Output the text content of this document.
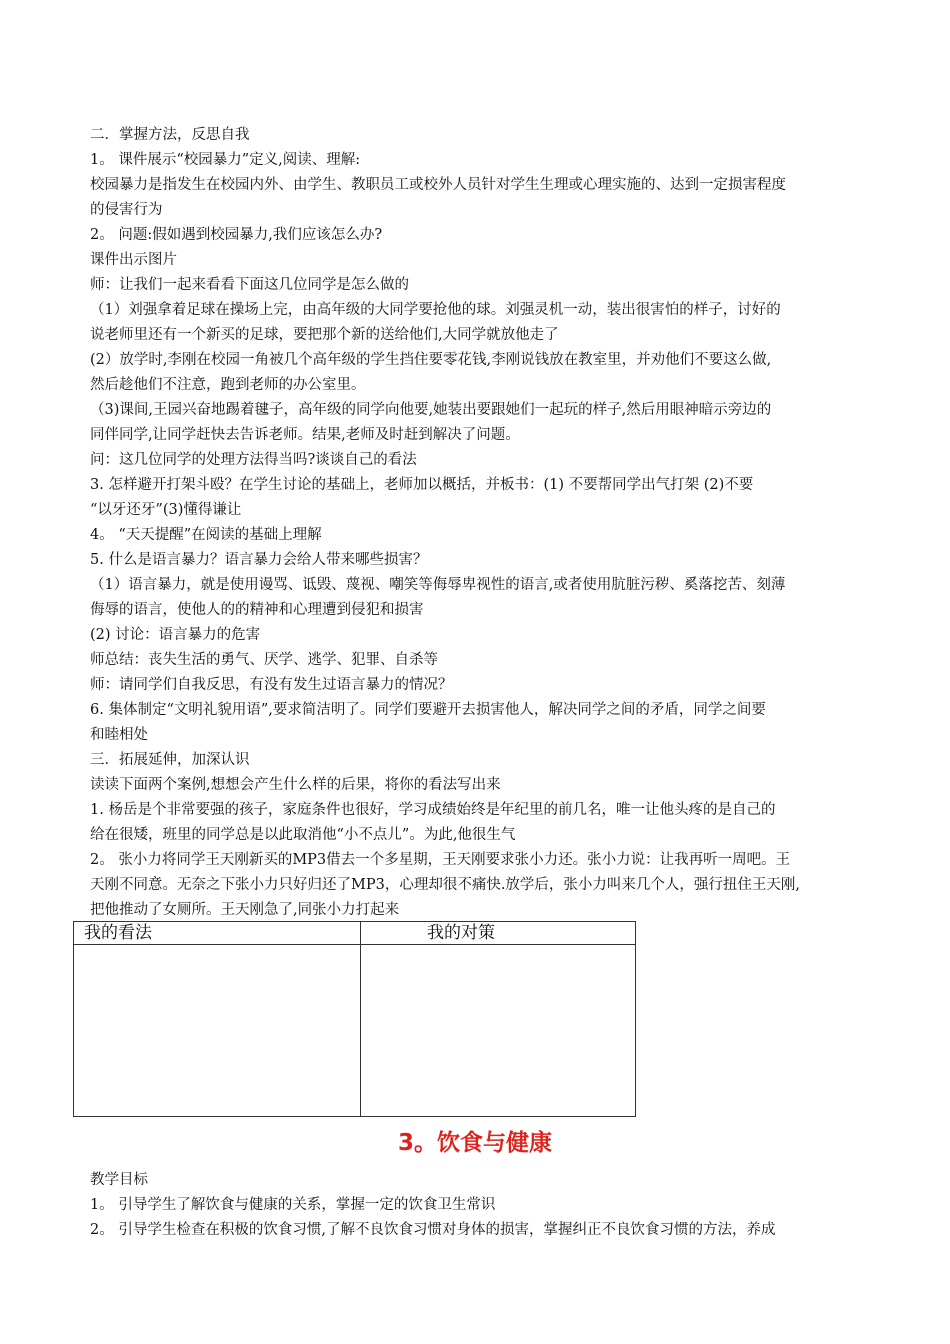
二．掌握方法，反思自我
1。 课件展示“校园暴力”定义,阅读、理解:
校园暴力是指发生在校园内外、由学生、教职员工或校外人员针对学生生理或心理实施的、达到一定损害程度
的侵害行为
2。 问题:假如遇到校园暴力,我们应该怎么办?
课件出示图片
师：让我们一起来看看下面这几位同学是怎么做的
（1）刘强拿着足球在操场上完，由高年级的大同学要抢他的球。刘强灵机一动，装出很害怕的样子，讨好的
说老师里还有一个新买的足球，要把那个新的送给他们,大同学就放他走了
(2）放学时,李刚在校园一角被几个高年级的学生挡住要零花钱,李刚说钱放在教室里，并劝他们不要这么做,
然后趁他们不注意，跑到老师的办公室里。
（3)课间,王园兴奋地踢着毽子，高年级的同学向他要,她装出要跟她们一起玩的样子,然后用眼神暗示旁边的
同伴同学,让同学赶快去告诉老师。结果,老师及时赶到解决了问题。
问：这几位同学的处理方法得当吗?谈谈自己的看法
3. 怎样避开打架斗殴？在学生讨论的基础上，老师加以概括，并板书：(1) 不要帮同学出气打架 (2)不要
“以牙还牙”(3)懂得谦让
4。 “天天提醒”在阅读的基础上理解
5. 什么是语言暴力？语言暴力会给人带来哪些损害？
（1）语言暴力，就是使用谩骂、诋毁、蔑视、嘲笑等侮辱卑视性的语言,或者使用肮脏污秽、奚落挖苦、刻薄
侮辱的语言，使他人的的精神和心理遭到侵犯和损害
(2) 讨论：语言暴力的危害
师总结：丧失生活的勇气、厌学、逃学、犯罪、自杀等
师：请同学们自我反思，有没有发生过语言暴力的情况？
6. 集体制定“文明礼貌用语”,要求简洁明了。同学们要避开去损害他人，解决同学之间的矛盾，同学之间要
和睦相处
三．拓展延伸，加深认识
读读下面两个案例,想想会产生什么样的后果，将你的看法写出来
1. 杨岳是个非常要强的孩子，家庭条件也很好，学习成绩始终是年纪里的前几名，唯一让他头疼的是自己的
给在很矮，班里的同学总是以此取消他“小不点儿”。为此,他很生气
2。 张小力将同学王天刚新买的MP3借去一个多星期，王天刚要求张小力还。张小力说：让我再听一周吧。王
天刚不同意。无奈之下张小力只好归还了MP3，心理却很不痛快.放学后，张小力叫来几个人，强行扭住王天刚,
把他推动了女厕所。王天刚急了,同张小力打起来
我的看法	我的对策

3。饮食与健康
教学目标
1。 引导学生了解饮食与健康的关系，掌握一定的饮食卫生常识
2。 引导学生检查在积极的饮食习惯,了解不良饮食习惯对身体的损害，掌握纠正不良饮食习惯的方法，养成
